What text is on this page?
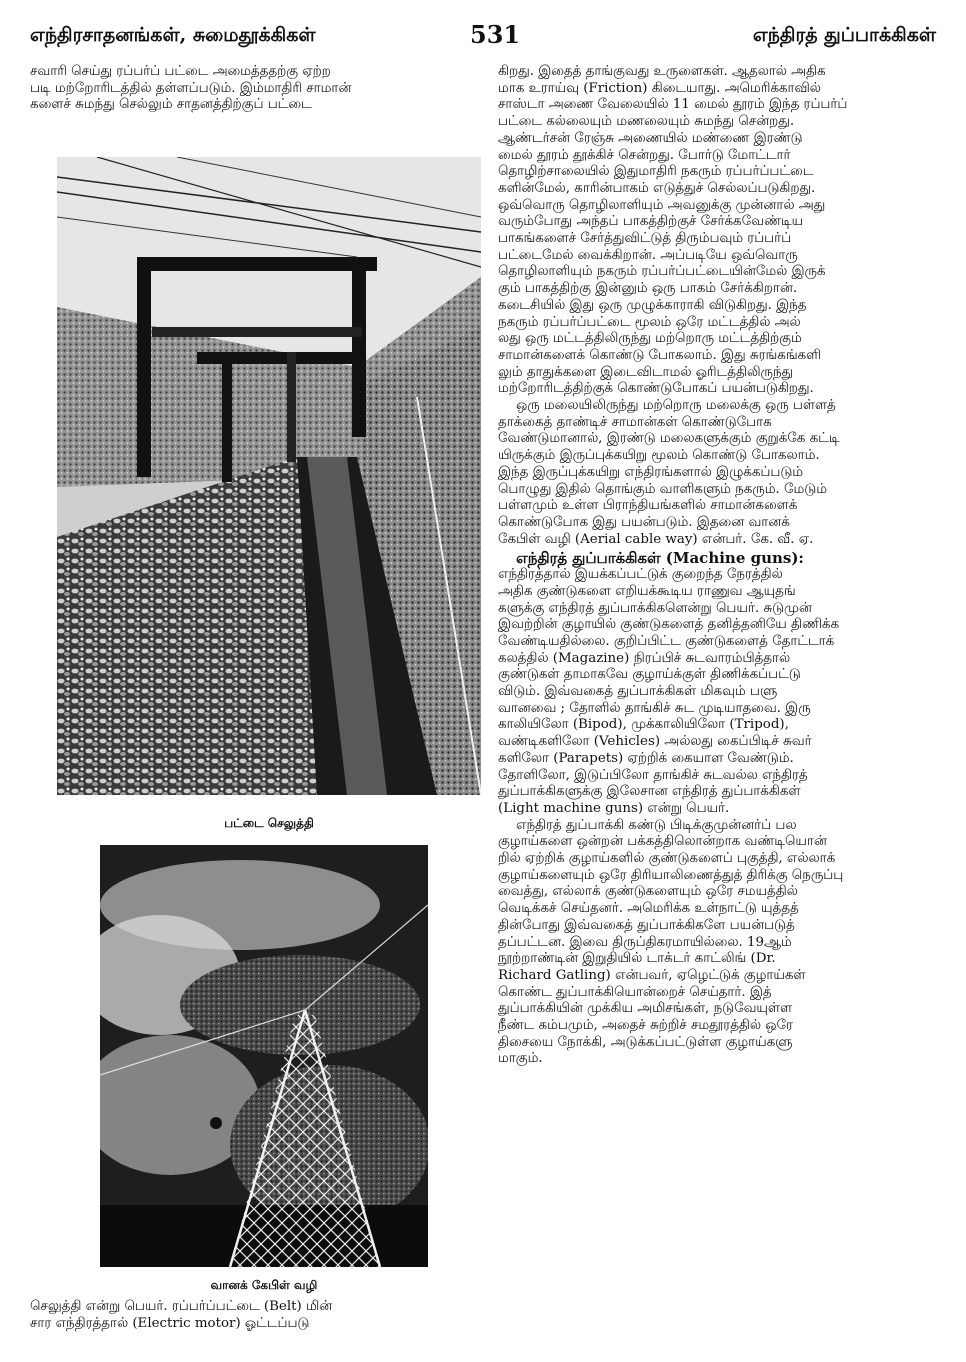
எந்திரசாதனங்கள், சுமைதூக்கிகள்	531	எந்திரத் துப்பாக்கிகள்

சவாரி செய்து ரப்பர்ப் பட்டை அமைத்ததற்கு ஏற்ற

படி மற்றோரிடத்தில் தள்ளப்படும். இம்மாதிரி சாமான்

களைச் சுமந்து செல்லும் சாதனத்திற்குப் பட்டை

பட்டை செலுத்தி
வானக் கேபிள் வழி

செலுத்தி என்று பெயர். ரப்பர்ப்பட்டை (Belt) மின்

சார எந்திரத்தால் (Electric motor) ஓட்டப்படு

கிறது. இதைத் தாங்குவது உருளைகள். ஆதலால் அதிக

மாக உராய்வு (Friction) கிடையாது. அமெரிக்காவில்

சாஸ்டா அணை வேலையில் 11 மைல் தூரம் இந்த ரப்பர்ப்

பட்டை கல்லையும் மணலையும் சுமந்து சென்றது.

ஆண்டர்சன் ரேஞ்சு அணையில் மண்ணை இரண்டு

மைல் தூரம் தூக்கிச் சென்றது. போர்டு மோட்டார்

தொழிற்சாலையில் இதுமாதிரி நகரும் ரப்பர்ப்பட்டை

களின்மேல், காரின்பாகம் எடுத்துச் செல்லப்படுகிறது.

ஒவ்வொரு தொழிலாளியும் அவனுக்கு முன்னால் அது

வரும்போது அந்தப் பாகத்திற்குச் சேர்க்கவேண்டிய

பாகங்களைச் சேர்த்துவிட்டுத் திரும்பவும் ரப்பர்ப்

பட்டைமேல் வைக்கிறான். அப்படியே ஒவ்வொரு

தொழிலாளியும் நகரும் ரப்பர்ப்பட்டையின்மேல் இருக்

கும் பாகத்திற்கு இன்னும் ஒரு பாகம் சேர்க்கிறான்.

கடைசியில் இது ஒரு முழுக்காராகி விடுகிறது. இந்த

நகரும் ரப்பர்ப்பட்டை மூலம் ஒரே மட்டத்தில் அல்

லது ஒரு மட்டத்திலிருந்து மற்றொரு மட்டத்திற்கும்

சாமான்களைக் கொண்டு போகலாம். இது சுரங்கங்களி

லும் தாதுக்களை இடைவிடாமல் ஓரிடத்திலிருந்து

மற்றோரிடத்திற்குக் கொண்டுபோகப் பயன்படுகிறது.

ஒரு மலையிலிருந்து மற்றொரு மலைக்கு ஒரு பள்ளத்

தாக்கைத் தாண்டிச் சாமான்கள் கொண்டுபோக

வேண்டுமானால், இரண்டு மலைகளுக்கும் குறுக்கே கட்டி

யிருக்கும் இருப்புக்கயிறு மூலம் கொண்டு போகலாம்.

இந்த இருப்புக்கயிறு எந்திரங்களால் இழுக்கப்படும்

பொழுது இதில் தொங்கும் வாளிகளும் நகரும். மேடும்

பள்ளமும் உள்ள பிராந்தியங்களில் சாமான்களைக்

கொண்டுபோக இது பயன்படும். இதனை வானக்

கேபிள் வழி (Aerial cable way) என்பர். கே. வீ. ஏ.

எந்திரத் துப்பாக்கிகள் (Machine guns):

எந்திரத்தால் இயக்கப்பட்டுக் குறைந்த நேரத்தில்

அதிக குண்டுகளை எறியக்கூடிய ராணுவ ஆயுதங்

களுக்கு எந்திரத் துப்பாக்கிகளென்று பெயர். சுடுமுன்

இவற்றின் குழாயில் குண்டுகளைத் தனித்தனியே திணிக்க

வேண்டியதில்லை. குறிப்பிட்ட குண்டுகளைத் தோட்டாக்

கலத்தில் (Magazine) நிரப்பிச் சுடவாரம்பித்தால்

குண்டுகள் தாமாகவே குழாய்க்குள் திணிக்கப்பட்டு

விடும். இவ்வகைத் துப்பாக்கிகள் மிகவும் பளு

வானவை ; தோளில் தாங்கிச் சுட முடியாதவை. இரு

காலியிலோ (Bipod), முக்காலியிலோ (Tripod),

வண்டிகளிலோ (Vehicles) அல்லது கைப்பிடிச் சுவர்

களிலோ (Parapets) ஏற்றிக் கையாள வேண்டும்.

தோளிலோ, இடுப்பிலோ தாங்கிச் சுடவல்ல எந்திரத்

துப்பாக்கிகளுக்கு இலேசான எந்திரத் துப்பாக்கிகள்

(Light machine guns) என்று பெயர்.

எந்திரத் துப்பாக்கி கண்டு பிடிக்குமுன்னர்ப் பல

குழாய்களை ஒன்றன் பக்கத்திலொன்றாக வண்டியொன்

றில் ஏற்றிக் குழாய்களில் குண்டுகளைப் புகுத்தி, எல்லாக்

குழாய்களையும் ஒரே திரியாலிணைத்துத் திரிக்கு நெருப்பு

வைத்து, எல்லாக் குண்டுகளையும் ஒரே சமயத்தில்

வெடிக்கச் செய்தனர். அமெரிக்க உள்நாட்டு யுத்தத்

தின்போது இவ்வகைத் துப்பாக்கிகளே பயன்படுத்

தப்பட்டன. இவை திருப்திகரமாயில்லை. 19ஆம்

நூற்றாண்டின் இறுதியில் டாக்டர் காட்லிங் (Dr.

Richard Gatling) என்பவர், ஏழெட்டுக் குழாய்கள்

கொண்ட துப்பாக்கியொன்றைச் செய்தார். இத்

துப்பாக்கியின் முக்கிய அமிசங்கள், நடுவேயுள்ள

நீண்ட கம்பமும், அதைச் சுற்றிச் சமதூரத்தில் ஒரே

திசையை நோக்கி, அடுக்கப்பட்டுள்ள குழாய்களு

மாகும்.
